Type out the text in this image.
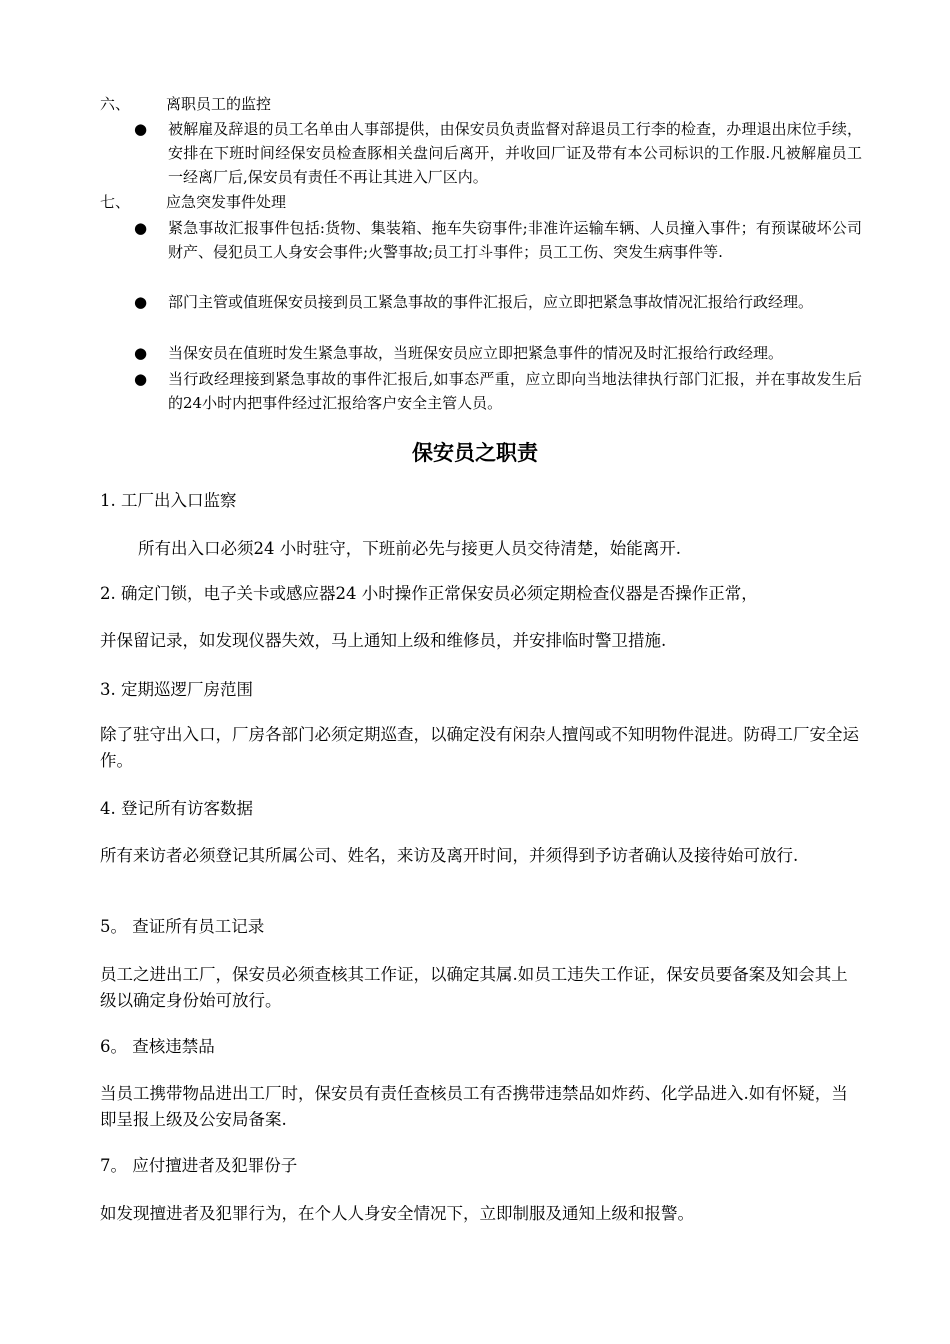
六、 离职员工的监控
● 被解雇及辞退的员工名单由人事部提供，由保安员负责监督对辞退员工行李的检查，办理退出床位手续，安排在下班时间经保安员检查豚相关盘问后离开，并收回厂证及带有本公司标识的工作服.凡被解雇员工一经离厂后,保安员有责任不再让其进入厂区内。
七、 应急突发事件处理
● 紧急事故汇报事件包括:货物、集装箱、拖车失窃事件;非准许运输车辆、人员撞入事件；有预谋破坏公司财产、侵犯员工人身安会事件;火警事故;员工打斗事件；员工工伤、突发生病事件等.
● 部门主管或值班保安员接到员工紧急事故的事件汇报后，应立即把紧急事故情况汇报给行政经理。
● 当保安员在值班时发生紧急事故，当班保安员应立即把紧急事件的情况及时汇报给行政经理。
● 当行政经理接到紧急事故的事件汇报后,如事态严重，应立即向当地法律执行部门汇报，并在事故发生后的24小时内把事件经过汇报给客户安全主管人员。
保安员之职责
1. 工厂出入口监察
所有出入口必须24 小时驻守，下班前必先与接更人员交待清楚，始能离开.
2. 确定门锁，电子关卡或感应器24 小时操作正常保安员必须定期检查仪器是否操作正常，
并保留记录，如发现仪器失效，马上通知上级和维修员，并安排临时警卫措施.
3. 定期巡逻厂房范围
除了驻守出入口，厂房各部门必须定期巡查，以确定没有闲杂人擅闯或不知明物件混进。防碍工厂安全运作。
4. 登记所有访客数据
所有来访者必须登记其所属公司、姓名，来访及离开时间，并须得到予访者确认及接待始可放行.
5。 查证所有员工记录
员工之进出工厂，保安员必须查核其工作证，以确定其属.如员工违失工作证，保安员要备案及知会其上级以确定身份始可放行。
6。 查核违禁品
当员工携带物品进出工厂时，保安员有责任查核员工有否携带违禁品如炸药、化学品进入.如有怀疑，当即呈报上级及公安局备案.
7。 应付擅进者及犯罪份子
如发现擅进者及犯罪行为，在个人人身安全情况下，立即制服及通知上级和报警。
